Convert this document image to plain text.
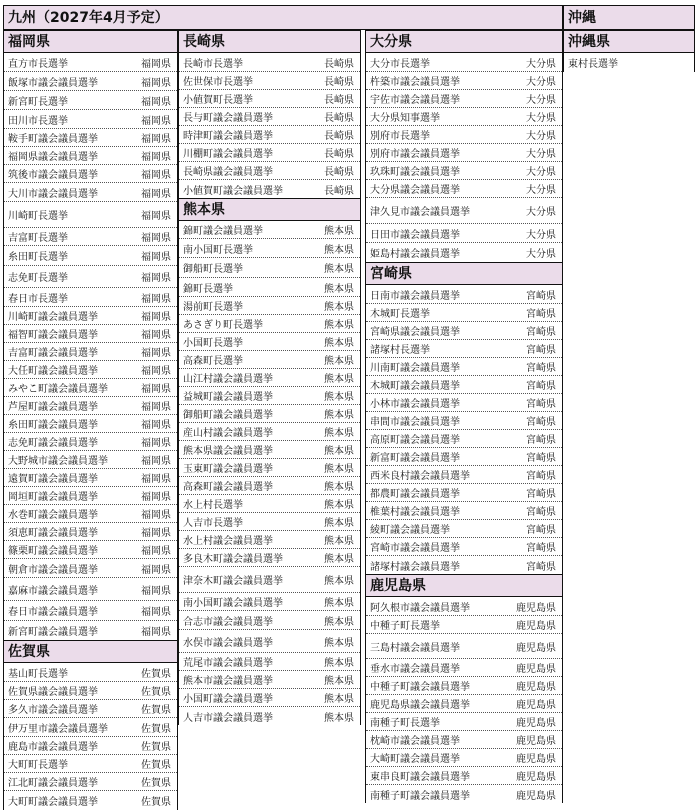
九州（2027年4月予定）	沖縄
福岡県
直方市長選挙	福岡県
飯塚市議会議員選挙	福岡県
新宮町長選挙	福岡県
田川市長選挙	福岡県
鞍手町議会議員選挙	福岡県
福岡県議会議員選挙	福岡県
筑後市議会議員選挙	福岡県
大川市議会議員選挙	福岡県
川崎町長選挙	福岡県
吉富町長選挙	福岡県
糸田町長選挙	福岡県
志免町長選挙	福岡県
春日市長選挙	福岡県
川崎町議会議員選挙	福岡県
福智町議会議員選挙	福岡県
吉富町議会議員選挙	福岡県
大任町議会議員選挙	福岡県
みやこ町議会議員選挙	福岡県
芦屋町議会議員選挙	福岡県
糸田町議会議員選挙	福岡県
志免町議会議員選挙	福岡県
大野城市議会議員選挙	福岡県
遠賀町議会議員選挙	福岡県
岡垣町議会議員選挙	福岡県
水巻町議会議員選挙	福岡県
須恵町議会議員選挙	福岡県
篠栗町議会議員選挙	福岡県
朝倉市議会議員選挙	福岡県
嘉麻市議会議員選挙	福岡県
春日市議会議員選挙	福岡県
新宮町議会議員選挙	福岡県
佐賀県
基山町長選挙	佐賀県
佐賀県議会議員選挙	佐賀県
多久市議会議員選挙	佐賀県
伊万里市議会議員選挙	佐賀県
鹿島市議会議員選挙	佐賀県
大町町長選挙	佐賀県
江北町議会議員選挙	佐賀県
大町町議会議員選挙	佐賀県
長崎県
長崎市長選挙	長崎県
佐世保市長選挙	長崎県
小値賀町長選挙	長崎県
長与町議会議員選挙	長崎県
時津町議会議員選挙	長崎県
川棚町議会議員選挙	長崎県
長崎県議会議員選挙	長崎県
小値賀町議会議員選挙	長崎県
熊本県
錦町議会議員選挙	熊本県
南小国町長選挙	熊本県
御船町長選挙	熊本県
錦町長選挙	熊本県
湯前町長選挙	熊本県
あさぎり町長選挙	熊本県
小国町長選挙	熊本県
高森町長選挙	熊本県
山江村議会議員選挙	熊本県
益城町議会議員選挙	熊本県
御船町議会議員選挙	熊本県
産山村議会議員選挙	熊本県
熊本県議会議員選挙	熊本県
玉東町議会議員選挙	熊本県
高森町議会議員選挙	熊本県
水上村長選挙	熊本県
人吉市長選挙	熊本県
水上村議会議員選挙	熊本県
多良木町議会議員選挙	熊本県
津奈木町議会議員選挙	熊本県
南小国町議会議員選挙	熊本県
合志市議会議員選挙	熊本県
水俣市議会議員選挙	熊本県
荒尾市議会議員選挙	熊本県
熊本市議会議員選挙	熊本県
小国町議会議員選挙	熊本県
人吉市議会議員選挙	熊本県
大分県
大分市長選挙	大分県
杵築市議会議員選挙	大分県
宇佐市議会議員選挙	大分県
大分県知事選挙	大分県
別府市長選挙	大分県
別府市議会議員選挙	大分県
玖珠町議会議員選挙	大分県
大分県議会議員選挙	大分県
津久見市議会議員選挙	大分県
日田市議会議員選挙	大分県
姫島村議会議員選挙	大分県
宮崎県
日南市議会議員選挙	宮崎県
木城町長選挙	宮崎県
宮崎県議会議員選挙	宮崎県
諸塚村長選挙	宮崎県
川南町議会議員選挙	宮崎県
木城町議会議員選挙	宮崎県
小林市議会議員選挙	宮崎県
串間市議会議員選挙	宮崎県
高原町議会議員選挙	宮崎県
新富町議会議員選挙	宮崎県
西米良村議会議員選挙	宮崎県
都農町議会議員選挙	宮崎県
椎葉村議会議員選挙	宮崎県
綾町議会議員選挙	宮崎県
宮崎市議会議員選挙	宮崎県
諸塚村議会議員選挙	宮崎県
鹿児島県
阿久根市議会議員選挙	鹿児島県
中種子町長選挙	鹿児島県
三島村議会議員選挙	鹿児島県
垂水市議会議員選挙	鹿児島県
中種子町議会議員選挙	鹿児島県
鹿児島県議会議員選挙	鹿児島県
南種子町長選挙	鹿児島県
枕崎市議会議員選挙	鹿児島県
大崎町議会議員選挙	鹿児島県
東串良町議会議員選挙	鹿児島県
南種子町議会議員選挙	鹿児島県
沖縄県
東村長選挙
